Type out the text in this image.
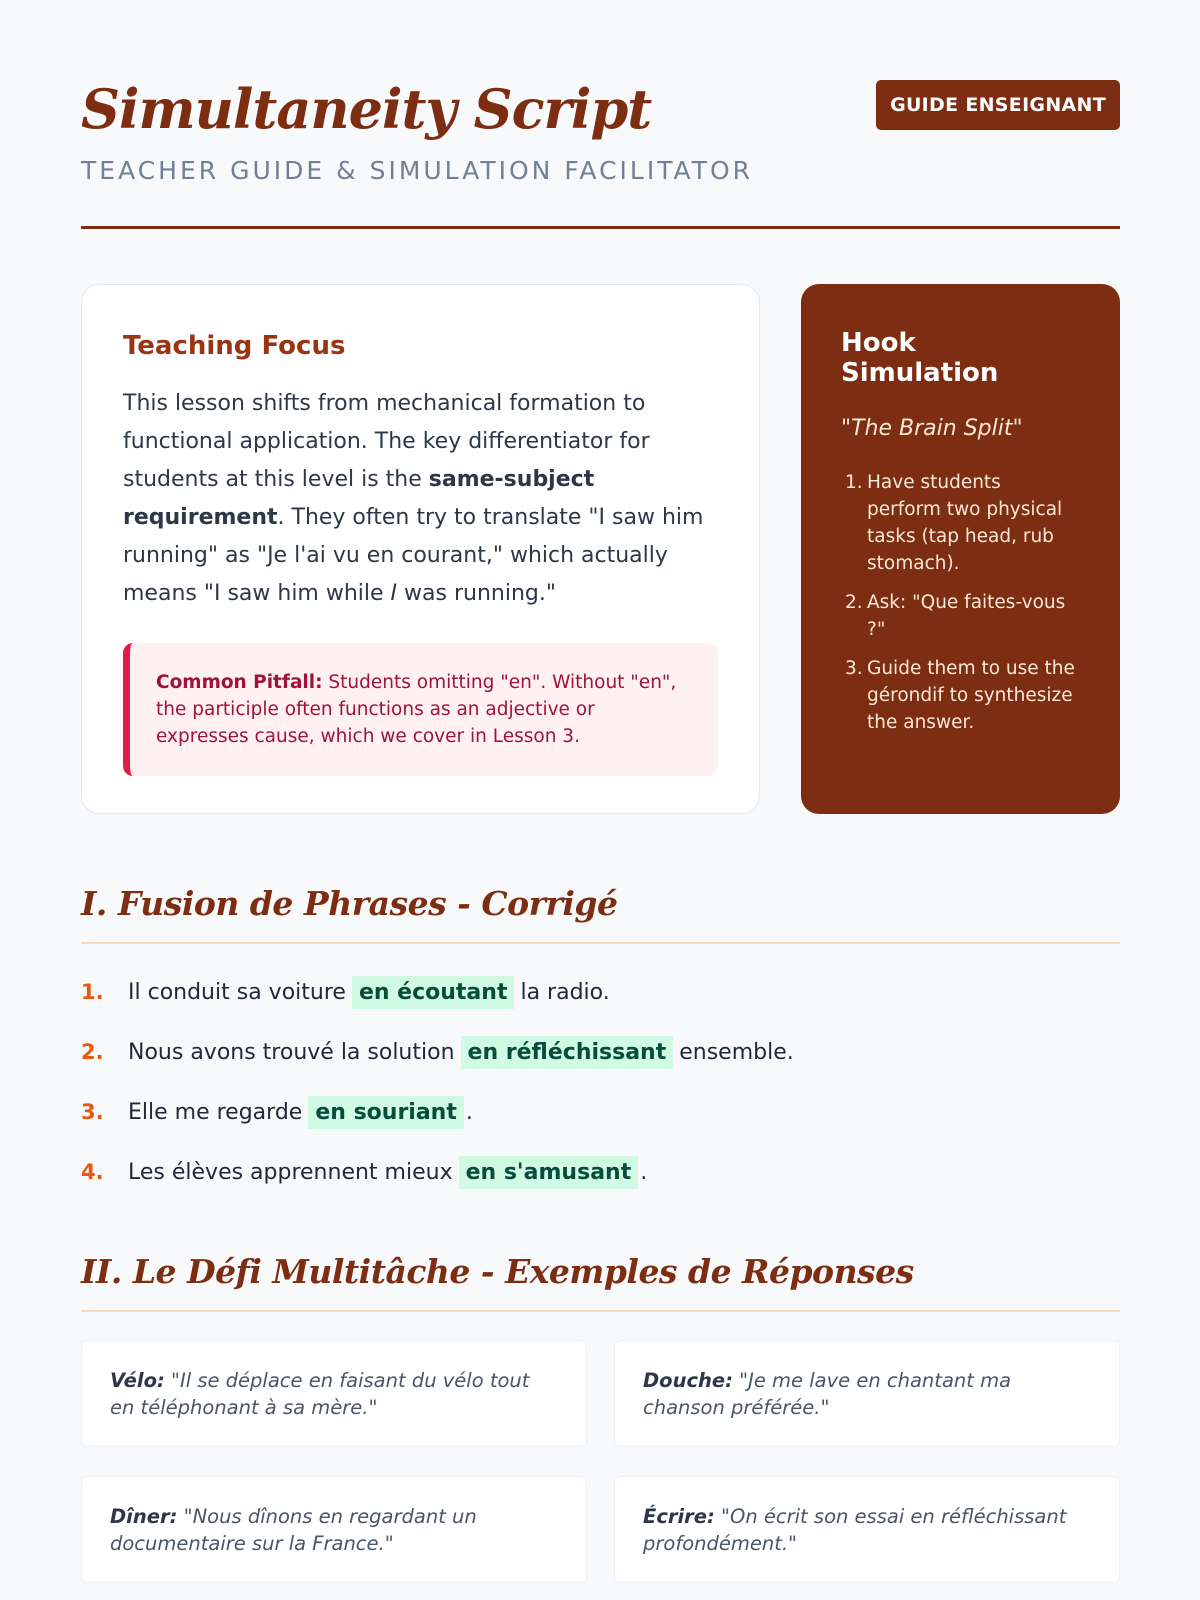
Simultaneity Script
TEACHER GUIDE & SIMULATION FACILITATOR
GUIDE ENSEIGNANT
Teaching Focus

This lesson shifts from mechanical formation to functional application. The key differentiator for students at this level is the same-subject requirement. They often try to translate "I saw him running" as "Je l'ai vu en courant," which actually means "I saw him while I was running."

Common Pitfall: Students omitting "en". Without "en", the participle often functions as an adjective or expresses cause, which we cover in Lesson 3.
Hook Simulation
"The Brain Split"
1. Have students perform two physical tasks (tap head, rub stomach).
2. Ask: "Que faites-vous ?"
3. Guide them to use the gérondif to synthesize the answer.
I. Fusion de Phrases - Corrigé
1.	Il conduit sa voiture en écoutant la radio.
2.	Nous avons trouvé la solution en réfléchissant ensemble.
3.	Elle me regarde en souriant .
4.	Les élèves apprennent mieux en s'amusant .
II. Le Défi Multitâche - Exemples de Réponses
Vélo: "Il se déplace en faisant du vélo tout en téléphonant à sa mère."
Douche: "Je me lave en chantant ma chanson préférée."
Dîner: "Nous dînons en regardant un documentaire sur la France."
Écrire: "On écrit son essai en réfléchissant profondément."
